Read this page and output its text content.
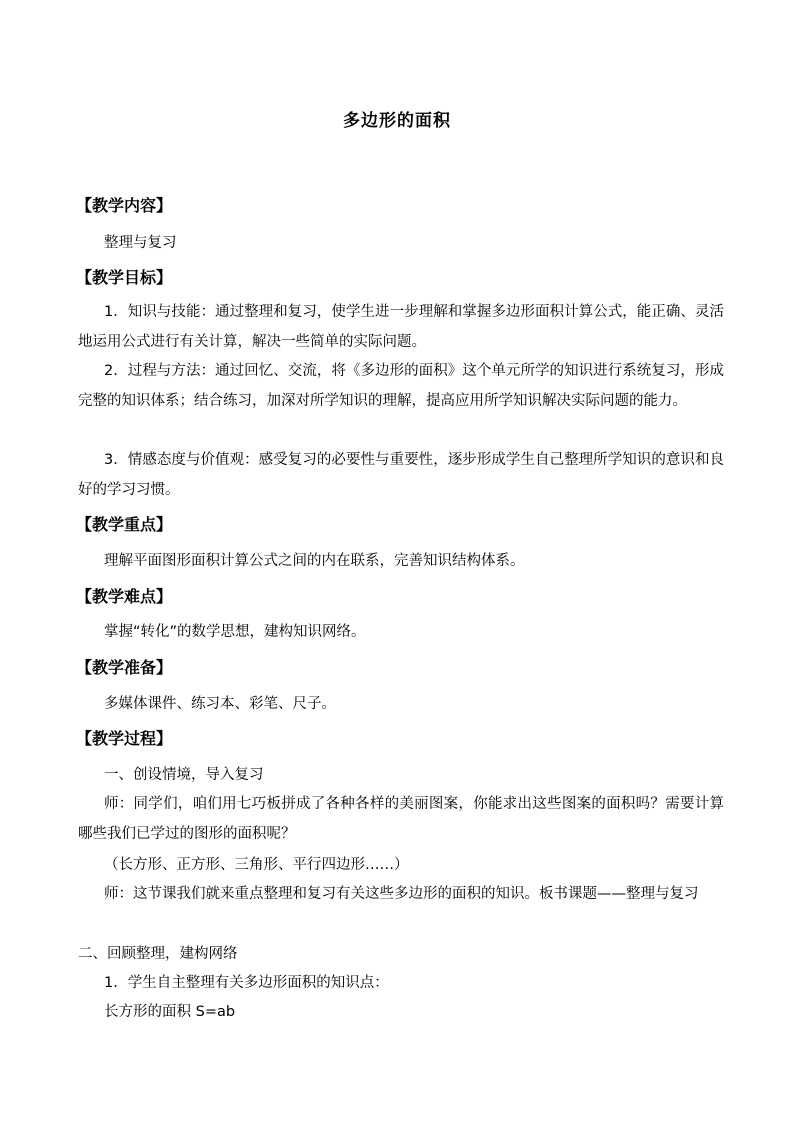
多边形的面积
【教学内容】
整理与复习
【教学目标】
1．知识与技能：通过整理和复习，使学生进一步理解和掌握多边形面积计算公式，能正确、灵活地运用公式进行有关计算，解决一些简单的实际问题。
2．过程与方法：通过回忆、交流，将《多边形的面积》这个单元所学的知识进行系统复习，形成完整的知识体系；结合练习，加深对所学知识的理解，提高应用所学知识解决实际问题的能力。
3．情感态度与价值观：感受复习的必要性与重要性，逐步形成学生自己整理所学知识的意识和良好的学习习惯。
【教学重点】
理解平面图形面积计算公式之间的内在联系，完善知识结构体系。
【教学难点】
掌握“转化”的数学思想，建构知识网络。
【教学准备】
多媒体课件、练习本、彩笔、尺子。
【教学过程】
一、创设情境，导入复习
师：同学们，咱们用七巧板拼成了各种各样的美丽图案，你能求出这些图案的面积吗？需要计算哪些我们已学过的图形的面积呢？
（长方形、正方形、三角形、平行四边形……）
师：这节课我们就来重点整理和复习有关这些多边形的面积的知识。板书课题——整理与复习
二、回顾整理，建构网络
1．学生自主整理有关多边形面积的知识点：
长方形的面积 S=ab
